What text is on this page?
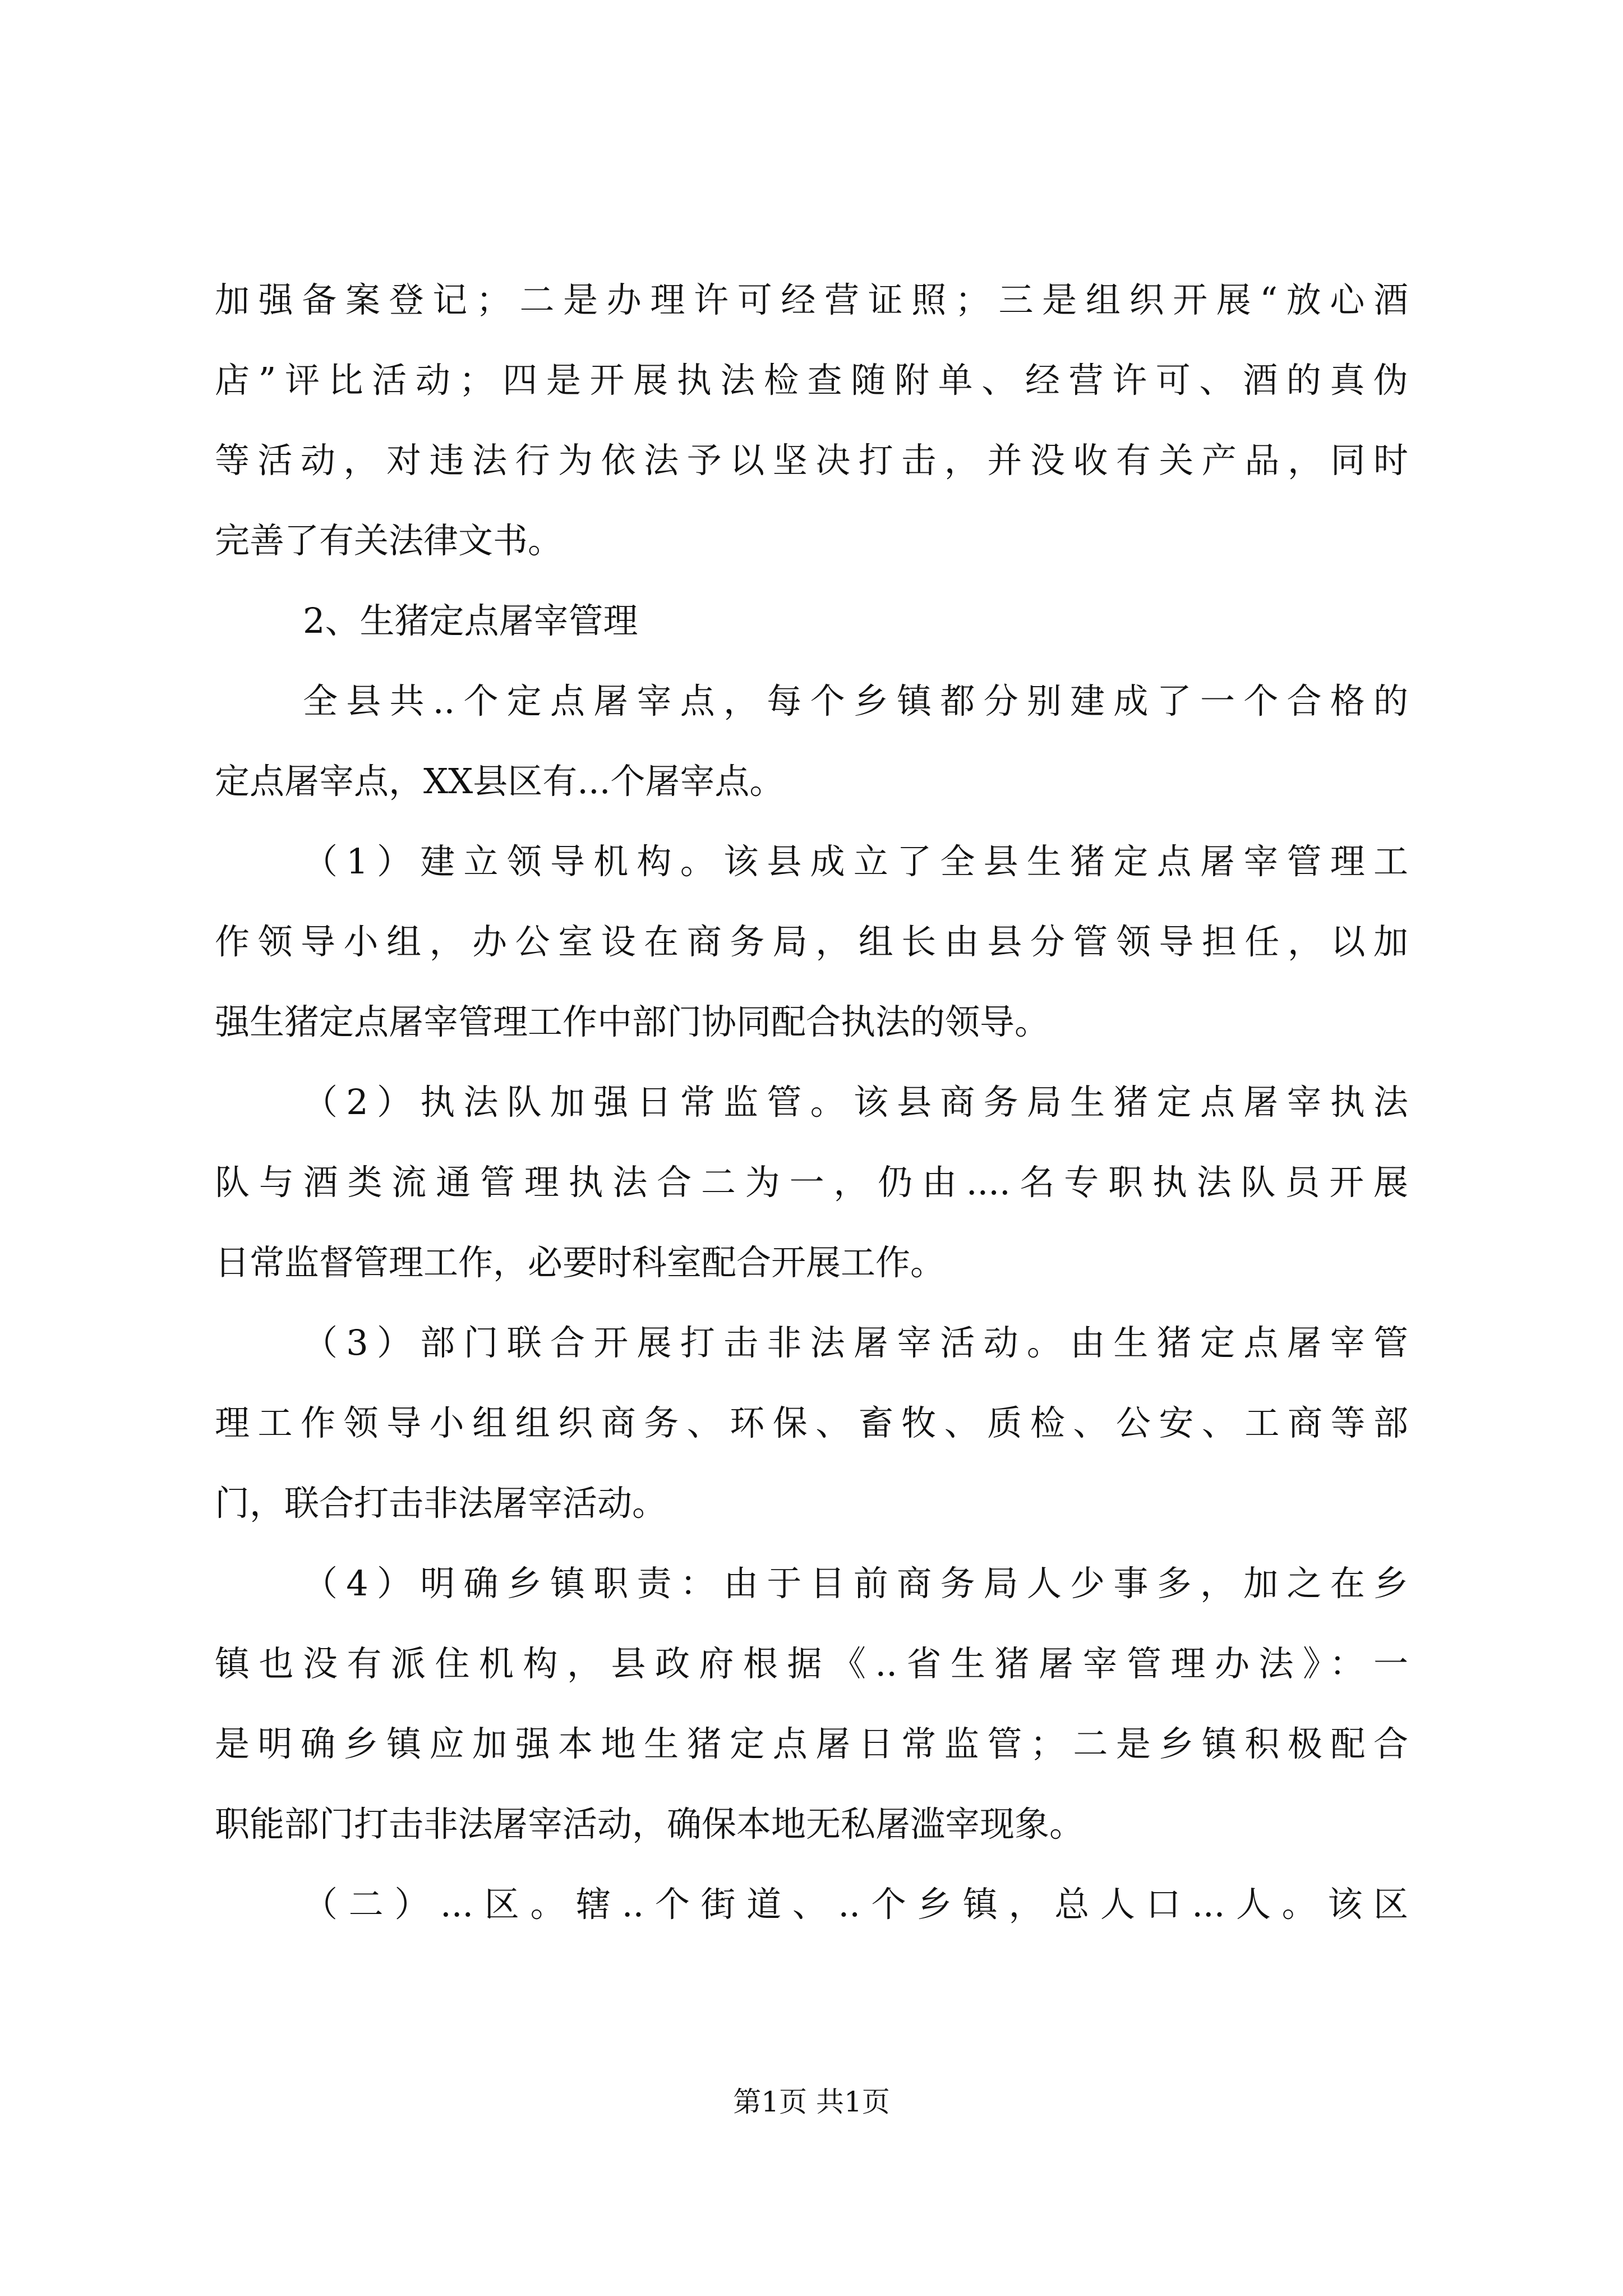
加强备案登记；二是办理许可经营证照；三是组织开展“放心酒
店”评比活动；四是开展执法检查随附单、经营许可、酒的真伪
等活动，对违法行为依法予以坚决打击，并没收有关产品，同时
完善了有关法律文书。
2、生猪定点屠宰管理
全县共..个定点屠宰点，每个乡镇都分别建成了一个合格的
定点屠宰点，XX县区有...个屠宰点。
（1）建立领导机构。该县成立了全县生猪定点屠宰管理工
作领导小组，办公室设在商务局，组长由县分管领导担任，以加
强生猪定点屠宰管理工作中部门协同配合执法的领导。
（2）执法队加强日常监管。该县商务局生猪定点屠宰执法
队与酒类流通管理执法合二为一，仍由....名专职执法队员开展
日常监督管理工作，必要时科室配合开展工作。
（3）部门联合开展打击非法屠宰活动。由生猪定点屠宰管
理工作领导小组组织商务、环保、畜牧、质检、公安、工商等部
门，联合打击非法屠宰活动。
（4）明确乡镇职责：由于目前商务局人少事多，加之在乡
镇也没有派住机构，县政府根据《..省生猪屠宰管理办法》：一
是明确乡镇应加强本地生猪定点屠日常监管；二是乡镇积极配合
职能部门打击非法屠宰活动，确保本地无私屠滥宰现象。
（二）...区。辖..个街道、..个乡镇，总人口...人。该区
第1页 共1页
